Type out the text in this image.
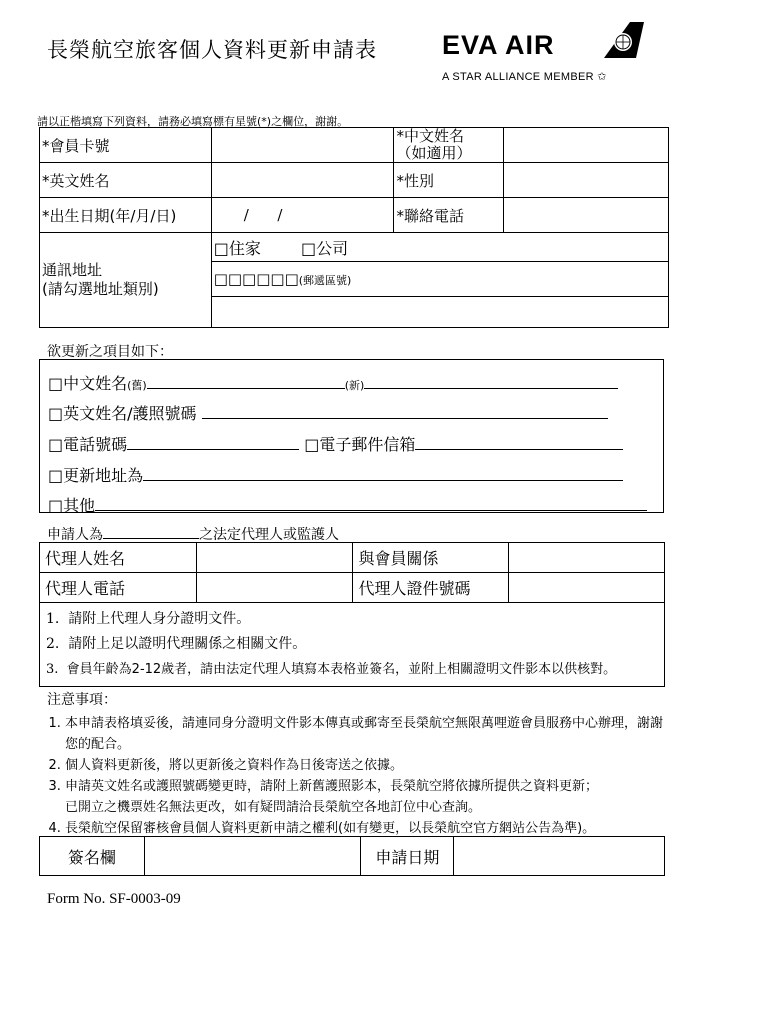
長榮航空旅客個人資料更新申請表 EVA AIR
A STAR ALLIANCE MEMBER ✩
請以正楷填寫下列資料，請務必填寫標有星號(*)之欄位，謝謝。
*會員卡號		*中文姓名
（如適用）	
*英文姓名		*性別	
*出生日期(年/月/日)	/      /	*聯絡電話	
通訊地址
(請勾選地址類別)	□住家 □公司		
	□□□□□□(郵遞區號)		

欲更新之項目如下：
□中文姓名(舊)	(新)
□英文姓名/護照號碼
□電話號碼	□電子郵件信箱
□更新地址為
□其他
申請人為	之法定代理人或監護人
代理人姓名		與會員關係	
代理人電話		代理人證件號碼	

1.  請附上代理人身分證明文件。
2.  請附上足以證明代理關係之相關文件。
3.  會員年齡為2-12歲者，請由法定代理人填寫本表格並簽名，並附上相關證明文件影本以供核對。			
注意事項：
1. 本申請表格填妥後，請連同身分證明文件影本傳真或郵寄至長榮航空無限萬哩遊會員服務中心辦理，謝謝您的配合。
2. 個人資料更新後，將以更新後之資料作為日後寄送之依據。
3. 申請英文姓名或護照號碼變更時，請附上新舊護照影本，長榮航空將依據所提供之資料更新；
已開立之機票姓名無法更改，如有疑問請洽長榮航空各地訂位中心查詢。
4. 長榮航空保留審核會員個人資料更新申請之權利(如有變更，以長榮航空官方網站公告為準)。
簽名欄		申請日期	
Form No. SF-0003-09
